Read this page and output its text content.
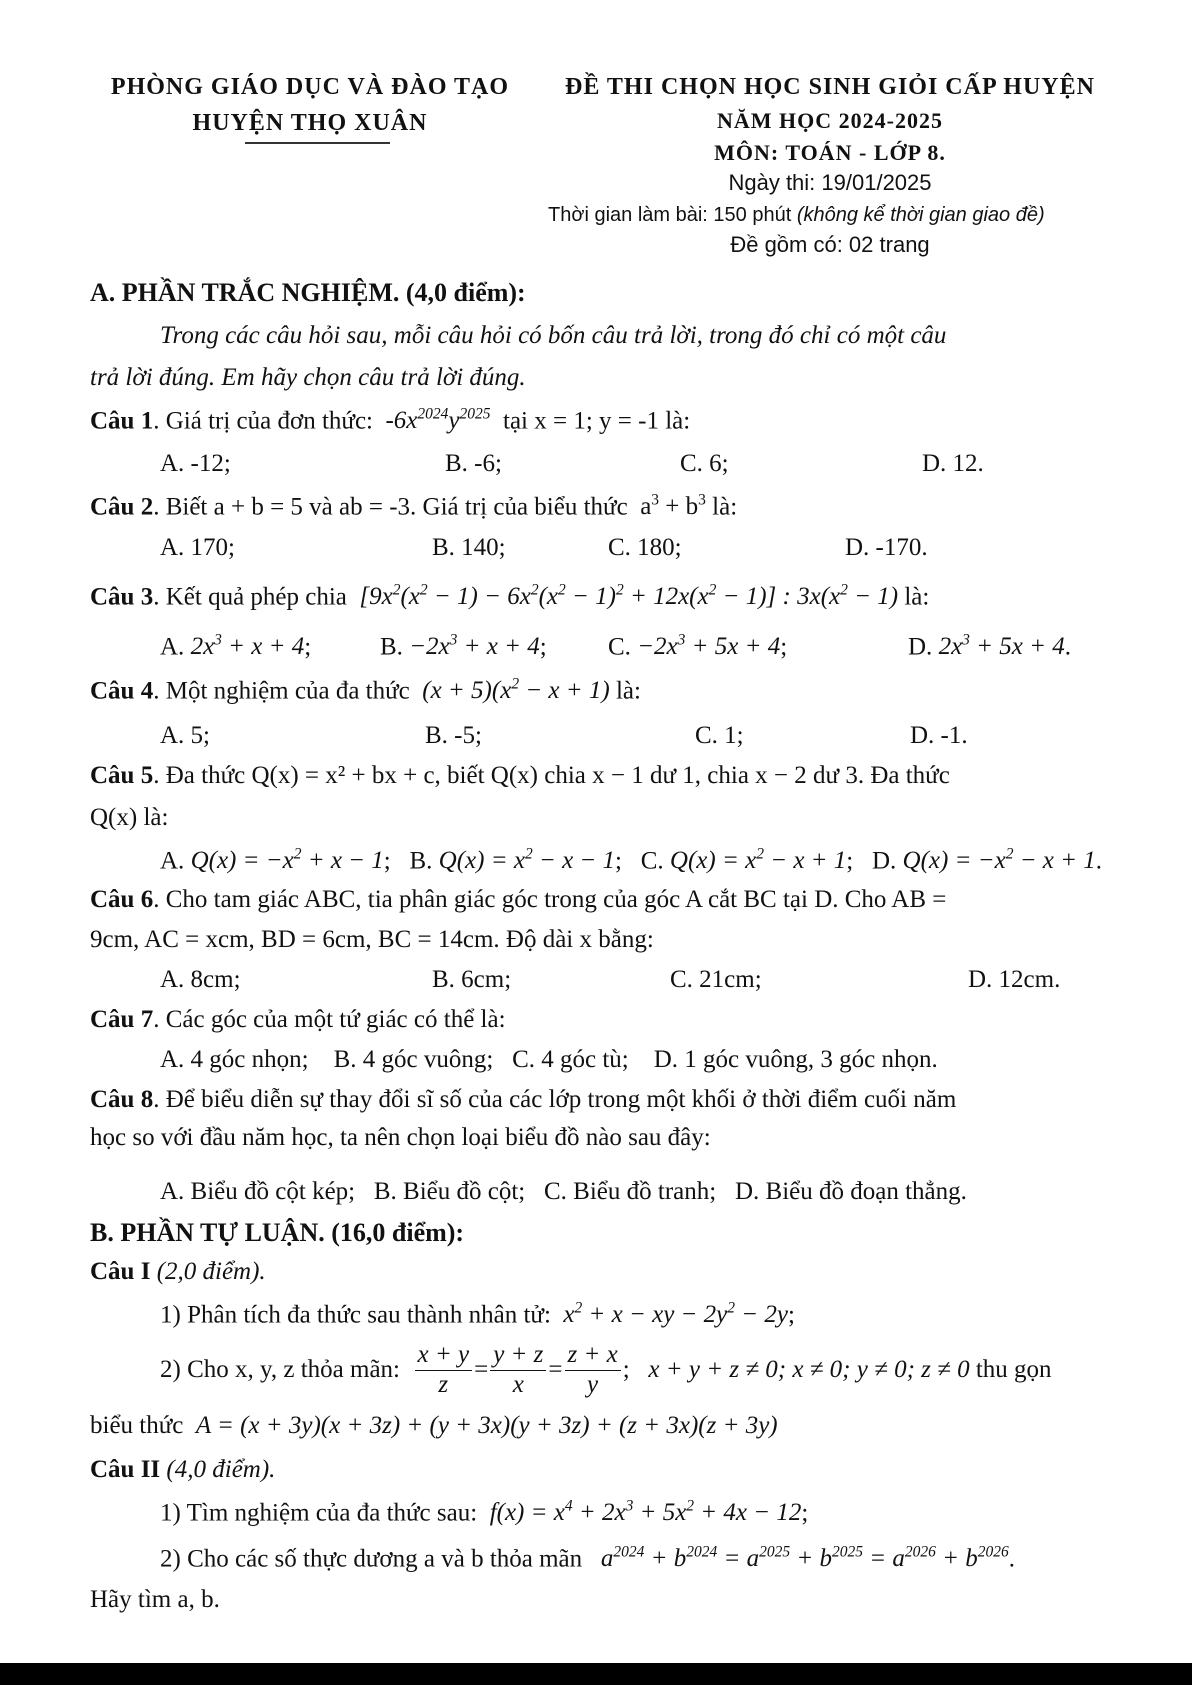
PHÒNG GIÁO DỤC VÀ ĐÀO TẠO
HUYỆN THỌ XUÂN
ĐỀ THI CHỌN HỌC SINH GIỎI CẤP HUYỆN
NĂM HỌC 2024-2025
MÔN: TOÁN - LỚP 8.
Ngày thi: 19/01/2025
Thời gian làm bài: 150 phút (không kể thời gian giao đề)
Đề gồm có: 02 trang
A. PHẦN TRẮC NGHIỆM. (4,0 điểm):
Trong các câu hỏi sau, mỗi câu hỏi có bốn câu trả lời, trong đó chỉ có một câu
trả lời đúng. Em hãy chọn câu trả lời đúng.
Câu 1. Giá trị của đơn thức:  $-6x^{2024}y^{2025}$ tại x = 1; y = -1 là:
A. -12;	B. -6;	C. 6;	D. 12.
Câu 2. Biết a + b = 5 và ab = -3. Giá trị của biểu thức  $a^3 + b^3$ là:
A. 170;	B. 140;	C. 180;	D. -170.
Câu 3. Kết quả phép chia  $[9x^2(x^2 - 1) - 6x^2(x^2 - 1)^2 + 12x(x^2 - 1)]$ : $3x(x^2 - 1)$ là:
A. $2x^3 + x + 4$;	B. $-2x^3 + x + 4$; C. $-2x^3 + 5x + 4$;	D. $2x^3 + 5x + 4$.
Câu 4. Một nghiệm của đa thức  $(x + 5)(x^2 - x + 1)$ là:
A. 5;	B. -5;	C. 1;	D. -1.
Câu 5. Đa thức Q(x) = x² + bx + c, biết Q(x) chia x − 1 dư 1, chia x − 2 dư 3. Đa thức
Q(x) là:
A. $Q(x) = -x^2 + x - 1$;   B. $Q(x) = x^2 - x - 1$;   C. $Q(x) = x^2 - x + 1$;   D. $Q(x) = -x^2 - x + 1$.
Câu 6. Cho tam giác ABC, tia phân giác góc trong của góc A cắt BC tại D. Cho AB =
9cm, AC = xcm, BD = 6cm, BC = 14cm. Độ dài x bằng:
A. 8cm;	B. 6cm;	C. 21cm;	D. 12cm.
Câu 7. Các góc của một tứ giác có thể là:
A. 4 góc nhọn; B. 4 góc vuông; C. 4 góc tù; D. 1 góc vuông, 3 góc nhọn.
Câu 8. Để biểu diễn sự thay đổi sĩ số của các lớp trong một khối ở thời điểm cuối năm
học so với đầu năm học, ta nên chọn loại biểu đồ nào sau đây:
A. Biểu đồ cột kép; B. Biểu đồ cột; C. Biểu đồ tranh; D. Biểu đồ đoạn thẳng.
B. PHẦN TỰ LUẬN. (16,0 điểm):
Câu I (2,0 điểm).
1) Phân tích đa thức sau thành nhân tử: $x^2 + x$ − xy − $2y^2 - 2y$;
2) Cho x, y, z thỏa mãn:
$\frac{x + y}{z} = \frac{y + z}{x} = \frac{z + x}{y}$ ; x + y + z ≠ 0; x ≠ 0; y ≠ 0; z ≠ 0
thu gọn
biểu thức A = (x + 3y)(x + 3z) + (y + 3x)(y + 3z) + (z + 3x)(z + 3y)
Câu II (4,0 điểm).
1) Tìm nghiệm của đa thức sau: $f(x) = x^4 + 2x^3 + 5x^2 + 4x - 12$;
2) Cho các số thực dương a và b thỏa mãn $a^{2024} + b^{2024} = a^{2025} + b^{2025} = a^{2026} + b^{2026}$.
Hãy tìm a, b.
